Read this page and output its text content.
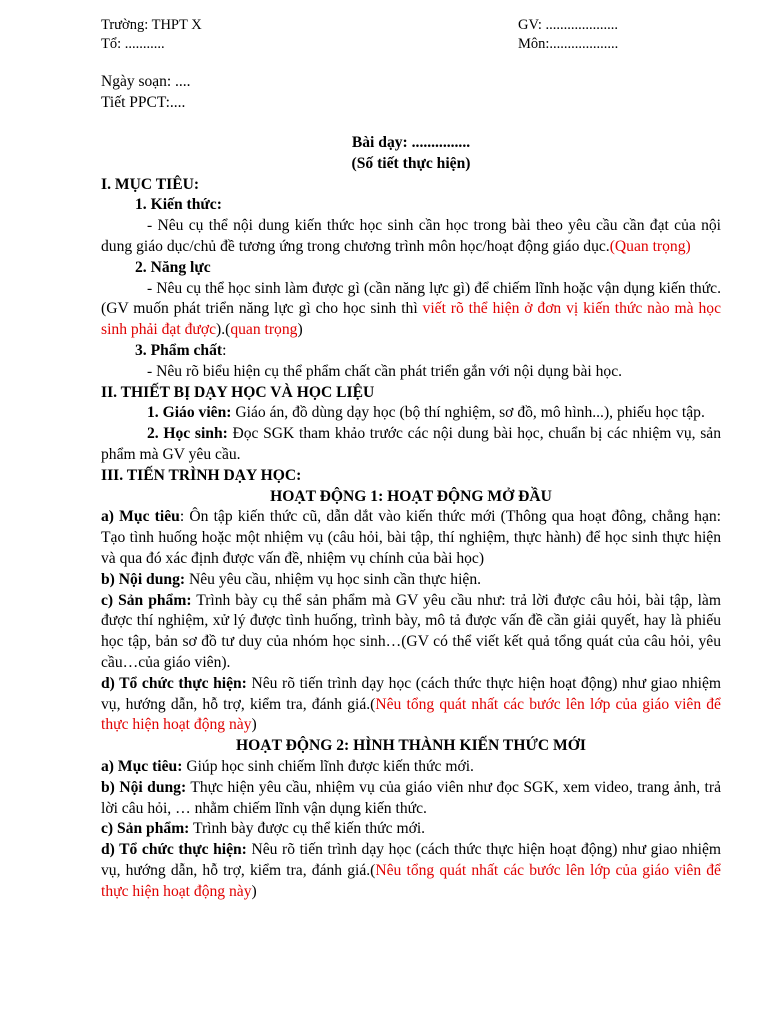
Trường: THPT X
Tổ: ...........
GV: ....................
Môn:...................
Ngày soạn: ....
Tiết PPCT:....

Bài dạy: ...............

(Số tiết thực hiện)

I. MỤC TIÊU:

1. Kiến thức:

- Nêu cụ thể nội dung kiến thức học sinh cần học trong bài theo yêu cầu cần đạt của nội dung giáo dục/chủ đề tương ứng trong chương trình môn học/hoạt động giáo dục.(Quan trọng)

2. Năng lực

- Nêu cụ thể học sinh làm được gì (cần năng lực gì) để chiếm lĩnh hoặc vận dụng kiến thức. (GV muốn phát triển năng lực gì cho học sinh thì viết rõ thể hiện ở đơn vị kiến thức nào mà học sinh phải đạt được).(quan trọng)

3. Phẩm chất:

- Nêu rõ biểu hiện cụ thể phẩm chất cần phát triển gắn với nội dụng bài học.

II. THIẾT BỊ DẠY HỌC VÀ HỌC LIỆU

1. Giáo viên: Giáo án, đồ dùng dạy học (bộ thí nghiệm, sơ đồ, mô hình...), phiếu học tập.

2. Học sinh: Đọc SGK tham khảo trước các nội dung bài học, chuẩn bị các nhiệm vụ, sản phẩm mà GV yêu cầu.

III. TIẾN TRÌNH DẠY HỌC:

HOẠT ĐỘNG 1: HOẠT ĐỘNG MỞ ĐẦU

a) Mục tiêu: Ôn tập kiến thức cũ, dẫn dắt vào kiến thức mới (Thông qua hoạt đông, chẳng hạn: Tạo tình huống hoặc một nhiệm vụ (câu hỏi, bài tập, thí nghiệm, thực hành) để học sinh thực hiện và qua đó xác định được vấn đề, nhiệm vụ chính của bài học)

b) Nội dung: Nêu yêu cầu, nhiệm vụ học sinh cần thực hiện.

c) Sản phẩm: Trình bày cụ thể sản phẩm mà GV yêu cầu như: trả lời được câu hỏi, bài tập, làm được thí nghiệm, xử lý được tình huống, trình bày, mô tả được vấn đề cần giải quyết, hay là phiếu học tập, bản sơ đồ tư duy của nhóm học sinh…(GV có thể viết kết quả tổng quát của câu hỏi, yêu cầu…của giáo viên).

d) Tổ chức thực hiện: Nêu rõ tiến trình dạy học (cách thức thực hiện hoạt động) như giao nhiệm vụ, hướng dẫn, hỗ trợ, kiểm tra, đánh giá.(Nêu tổng quát nhất các bước lên lớp của giáo viên để thực hiện hoạt động này)

HOẠT ĐỘNG 2: HÌNH THÀNH KIẾN THỨC MỚI

a) Mục tiêu: Giúp học sinh chiếm lĩnh được kiến thức mới.

b) Nội dung: Thực hiện yêu cầu, nhiệm vụ của giáo viên như đọc SGK, xem video, trang ảnh, trả lời câu hỏi, … nhằm chiếm lĩnh vận dụng kiến thức.

c) Sản phẩm: Trình bày được cụ thể kiến thức mới.

d) Tổ chức thực hiện: Nêu rõ tiến trình dạy học (cách thức thực hiện hoạt động) như giao nhiệm vụ, hướng dẫn, hỗ trợ, kiểm tra, đánh giá.(Nêu tổng quát nhất các bước lên lớp của giáo viên để thực hiện hoạt động này)
